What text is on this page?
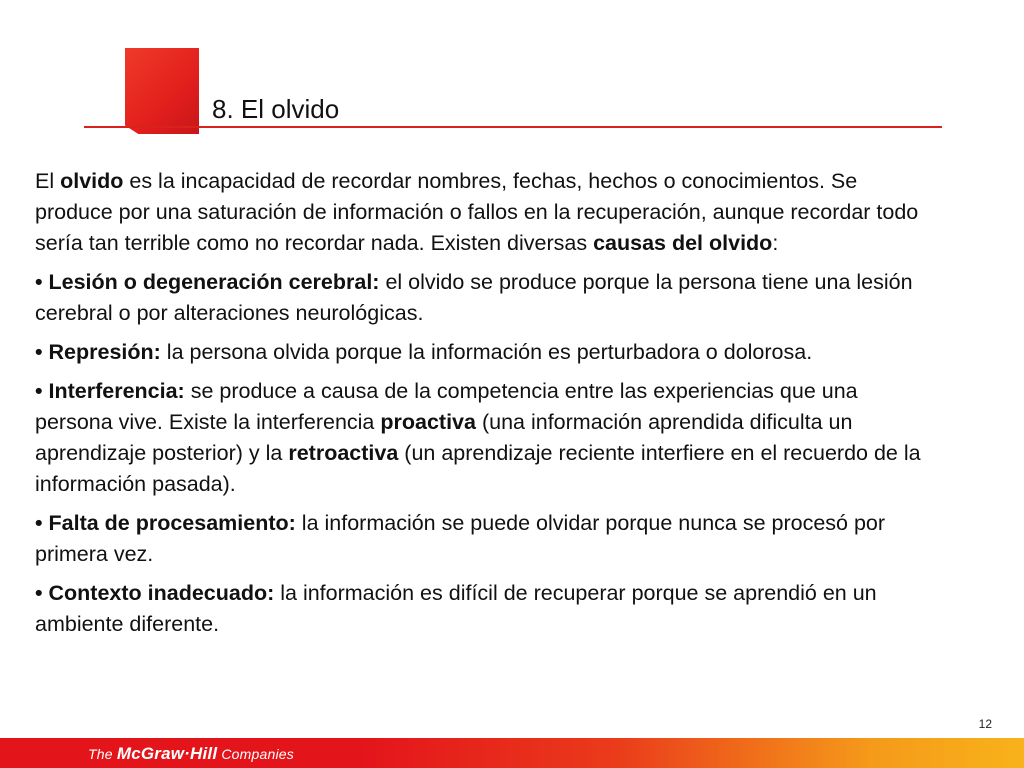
8. El olvido

El olvido es la incapacidad de recordar nombres, fechas, hechos o conocimientos. Se produce por una saturación de información o fallos en la recuperación, aunque recordar todo sería tan terrible como no recordar nada. Existen diversas causas del olvido:

• Lesión o degeneración cerebral: el olvido se produce porque la persona tiene una lesión cerebral o por alteraciones neurológicas.

• Represión: la persona olvida porque la información es perturbadora o dolorosa.

• Interferencia: se produce a causa de la competencia entre las experiencias que una persona vive. Existe la interferencia proactiva (una información aprendida dificulta un aprendizaje posterior) y la retroactiva (un aprendizaje reciente interfiere en el recuerdo de la información pasada).

• Falta de procesamiento: la información se puede olvidar porque nunca se procesó por primera vez.

• Contexto inadecuado: la información es difícil de recuperar porque se aprendió en un ambiente diferente.

12
The McGraw·Hill Companies
